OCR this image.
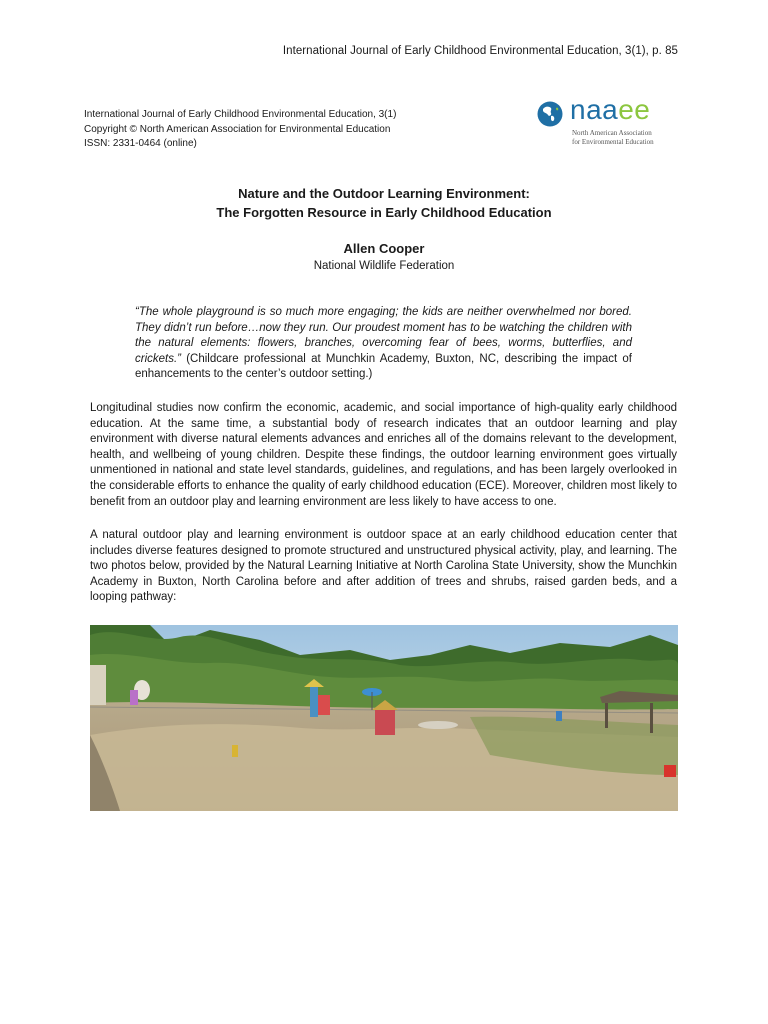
International Journal of Early Childhood Environmental Education, 3(1), p. 85
International Journal of Early Childhood Environmental Education, 3(1)
Copyright © North American Association for Environmental Education
ISSN: 2331-0464 (online)
naaee
North American Association
for Environmental Education
Nature and the Outdoor Learning Environment:
The Forgotten Resource in Early Childhood Education
Allen Cooper
National Wildlife Federation
“The whole playground is so much more engaging; the kids are neither overwhelmed nor bored. They didn’t run before…now they run. Our proudest moment has to be watching the children with the natural elements: flowers, branches, overcoming fear of bees, worms, butterflies, and crickets.” (Childcare professional at Munchkin Academy, Buxton, NC, describing the impact of enhancements to the center’s outdoor setting.)

Longitudinal studies now confirm the economic, academic, and social importance of high-quality early childhood education. At the same time, a substantial body of research indicates that an outdoor learning and play environment with diverse natural elements advances and enriches all of the domains relevant to the development, health, and wellbeing of young children. Despite these findings, the outdoor learning environment goes virtually unmentioned in national and state level standards, guidelines, and regulations, and has been largely overlooked in the considerable efforts to enhance the quality of early childhood education (ECE). Moreover, children most likely to benefit from an outdoor play and learning environment are less likely to have access to one.

A natural outdoor play and learning environment is outdoor space at an early childhood education center that includes diverse features designed to promote structured and unstructured physical activity, play, and learning. The two photos below, provided by the Natural Learning Initiative at North Carolina State University, show the Munchkin Academy in Buxton, North Carolina before and after addition of trees and shrubs, raised garden beds, and a looping pathway:
